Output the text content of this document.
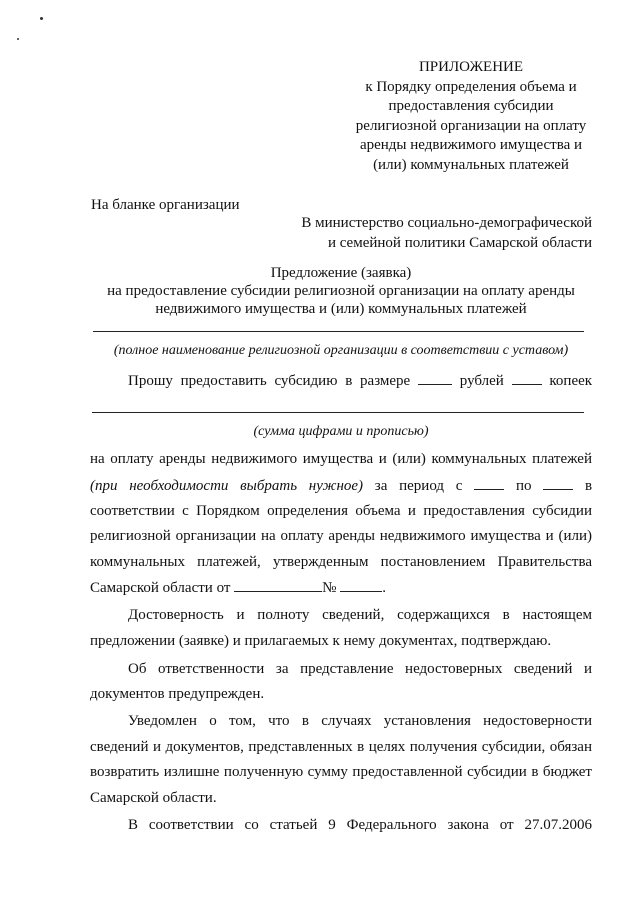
ПРИЛОЖЕНИЕ
к Порядку определения объема и
предоставления субсидии
религиозной организации на оплату
аренды недвижимого имущества и
(или) коммунальных платежей
На бланке организации
В министерство социально-демографической
и семейной политики Самарской области
Предложение (заявка)
на предоставление субсидии религиозной организации на оплату аренды
недвижимого имущества и (или) коммунальных платежей
(полное наименование религиозной организации в соответствии с уставом)
Прошу предоставить субсидию в размере	рублей	копеек
(сумма цифрами и прописью)
на оплату аренды недвижимого имущества и (или) коммунальных платежей
(при необходимости выбрать нужное) за период с	по	в
соответствии с Порядком определения объема и предоставления субсидии
религиозной организации на оплату аренды недвижимого имущества и (или)
коммунальных платежей, утвержденным постановлением Правительства
Самарской области от	№	.
Достоверность и полноту сведений, содержащихся в настоящем
предложении (заявке) и прилагаемых к нему документах, подтверждаю.
Об ответственности за представление недостоверных сведений и
документов предупрежден.
Уведомлен о том, что в случаях установления недостоверности
сведений и документов, представленных в целях получения субсидии, обязан
возвратить излишне полученную сумму предоставленной субсидии в бюджет
Самарской области.
В соответствии со статьей 9 Федерального закона от 27.07.2006
